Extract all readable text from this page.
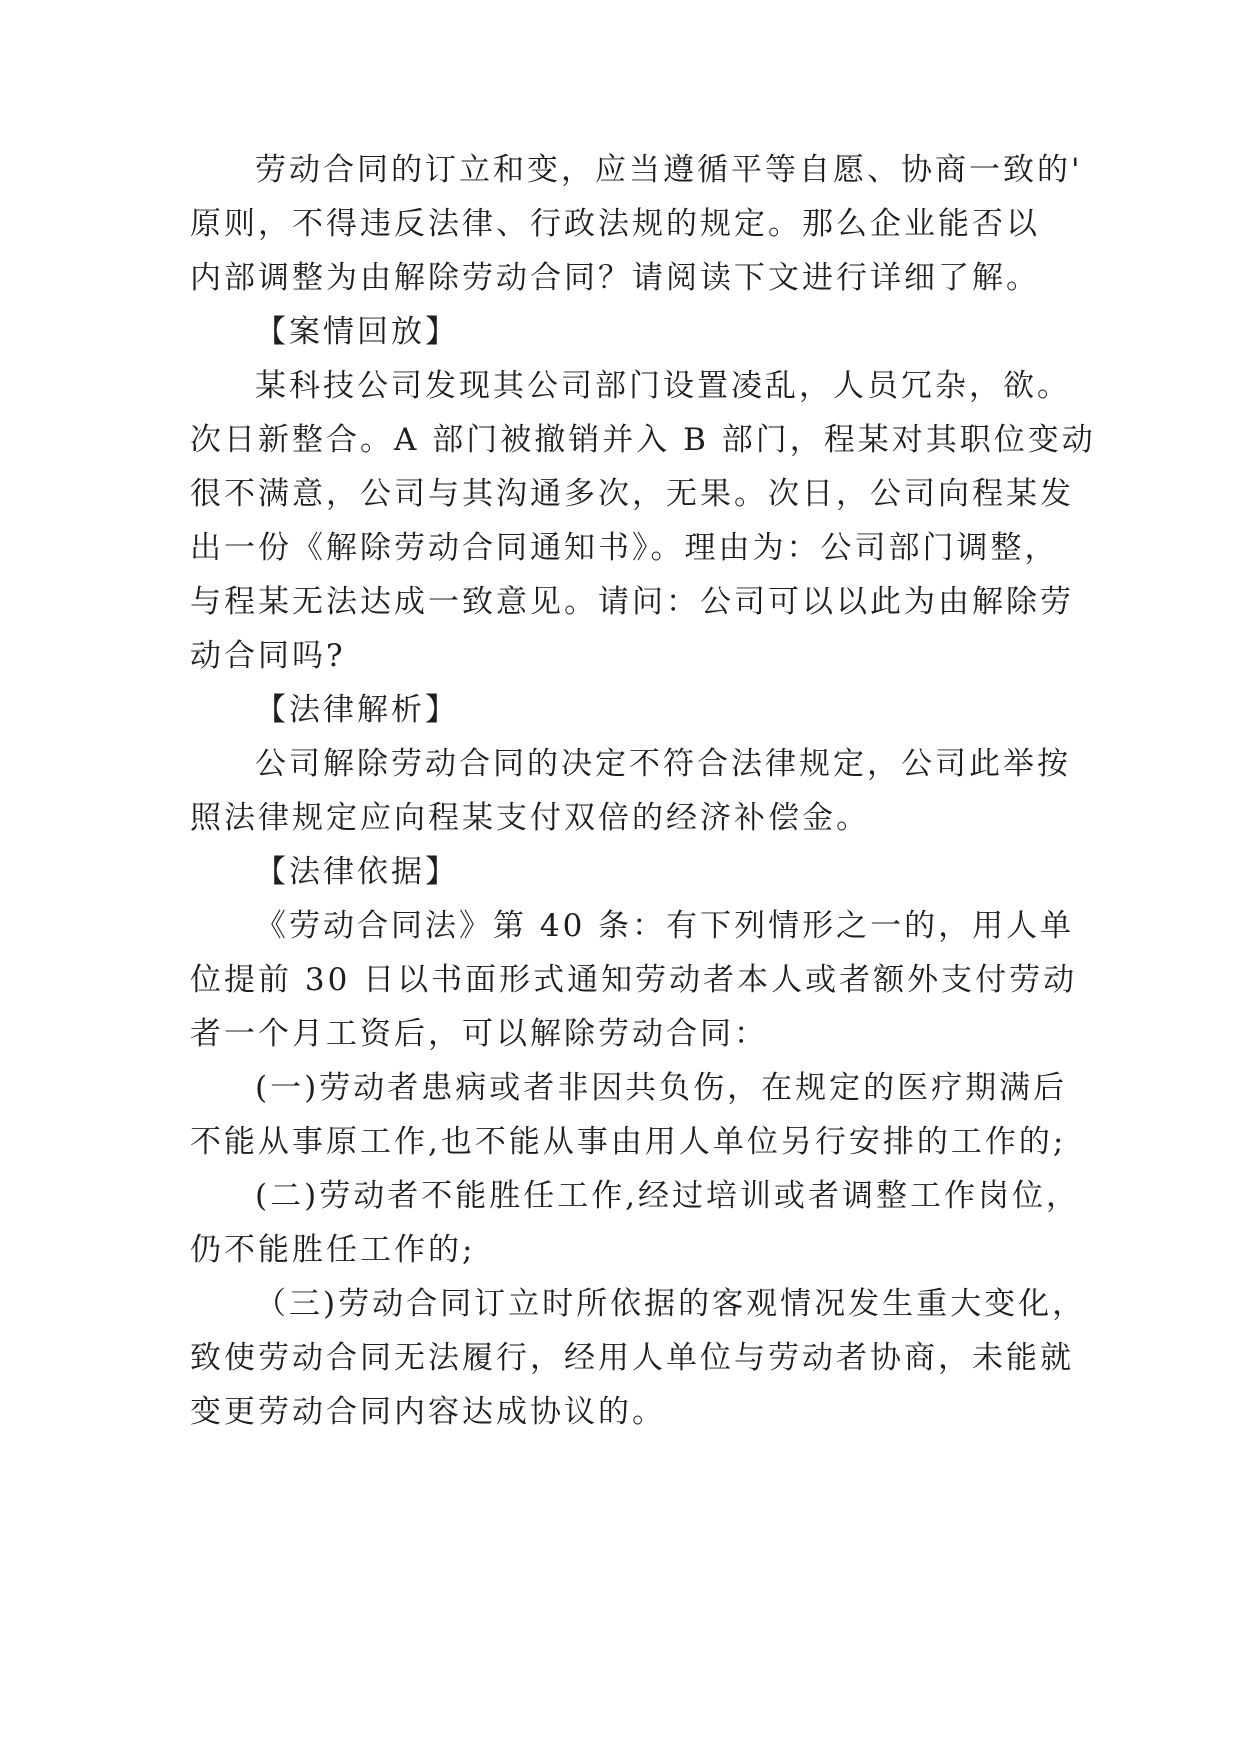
劳动合同的订立和变，应当遵循平等自愿、协商一致的'
原则，不得违反法律、行政法规的规定。那么企业能否以
内部调整为由解除劳动合同？请阅读下文进行详细了解。
【案情回放】
某科技公司发现其公司部门设置凌乱，人员冗杂，欲。
次日新整合。A 部门被撤销并入 B 部门，程某对其职位变动
很不满意，公司与其沟通多次，无果。次日，公司向程某发
出一份《解除劳动合同通知书》。理由为：公司部门调整，
与程某无法达成一致意见。请问：公司可以以此为由解除劳
动合同吗?
【法律解析】
公司解除劳动合同的决定不符合法律规定，公司此举按
照法律规定应向程某支付双倍的经济补偿金。
【法律依据】
《劳动合同法》第 40 条：有下列情形之一的，用人单
位提前 30 日以书面形式通知劳动者本人或者额外支付劳动
者一个月工资后，可以解除劳动合同：
(一)劳动者患病或者非因共负伤，在规定的医疗期满后
不能从事原工作,也不能从事由用人单位另行安排的工作的;
(二)劳动者不能胜任工作,经过培训或者调整工作岗位，
仍不能胜任工作的;
（三)劳动合同订立时所依据的客观情况发生重大变化，
致使劳动合同无法履行，经用人单位与劳动者协商，未能就
变更劳动合同内容达成协议的。
